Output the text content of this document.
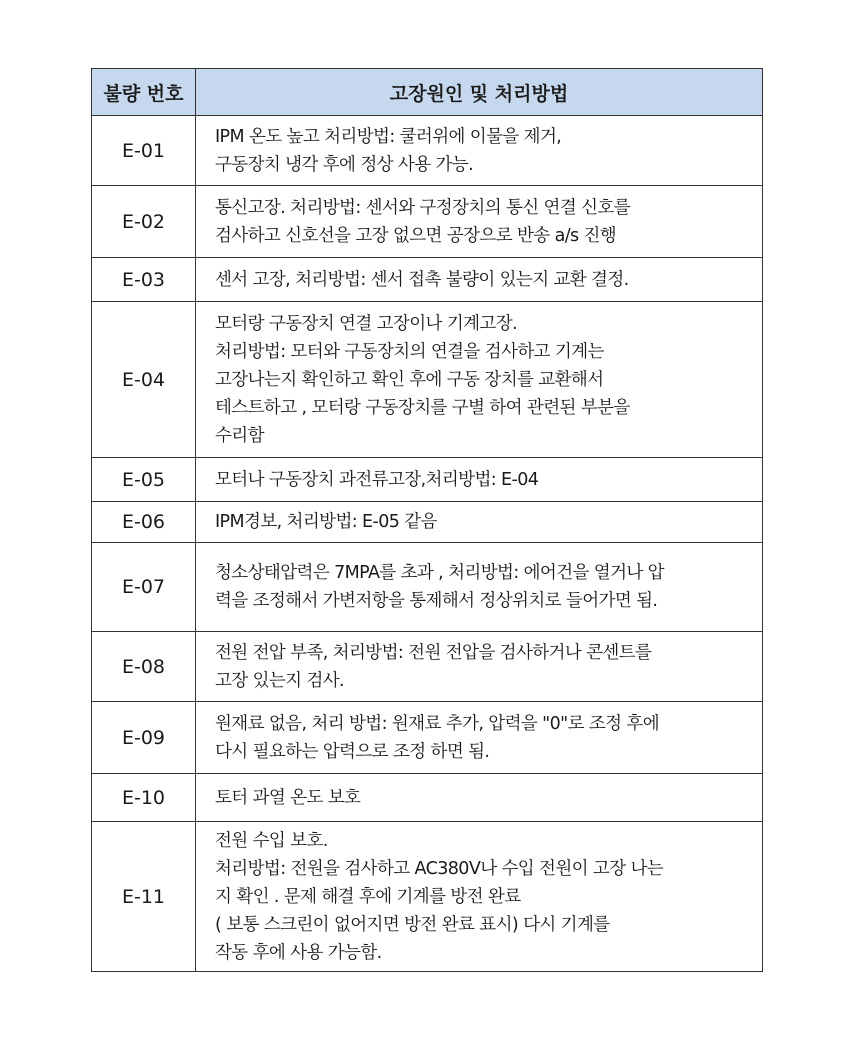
불량 번호	고장원인 및 처리방법
E-01	IPM 온도 높고 처리방법: 쿨러위에 이물을 제거,
구동장치 냉각 후에 정상 사용 가능.
E-02	통신고장. 처리방법: 센서와 구정장치의 통신 연결 신호를
검사하고 신호선을 고장 없으면 공장으로 반송 a/s 진행
E-03	센서 고장, 처리방법: 센서 접촉 불량이 있는지 교환 결정.
E-04	모터랑 구동장치 연결 고장이나 기계고장.
처리방법: 모터와 구동장치의 연결을 검사하고 기계는
고장나는지 확인하고 확인 후에 구동 장치를 교환해서
테스트하고 , 모터랑 구동장치를 구별 하여 관련된 부분을
수리함
E-05	모터나 구동장치 과전류고장,처리방법: E-04
E-06	IPM경보, 처리방법: E-05 같음
E-07	청소상태압력은 7MPA를 초과 , 처리방법: 에어건을 열거나 압
력을 조정해서 가변저항을 통제해서 정상위치로 들어가면 됨.
E-08	전원 전압 부족, 처리방법: 전원 전압을 검사하거나 콘센트를
고장 있는지 검사.
E-09	원재료 없음, 처리 방법: 원재료 추가, 압력을 "0"로 조정 후에
다시 필요하는 압력으로 조정 하면 됨.
E-10	토터 과열 온도 보호
E-11	전원 수입 보호.
처리방법: 전원을 검사하고 AC380V나 수입 전원이 고장 나는
지 확인 . 문제 해결 후에 기계를 방전 완료
( 보통 스크린이 없어지면 방전 완료 표시) 다시 기계를
작동 후에 사용 가능함.
